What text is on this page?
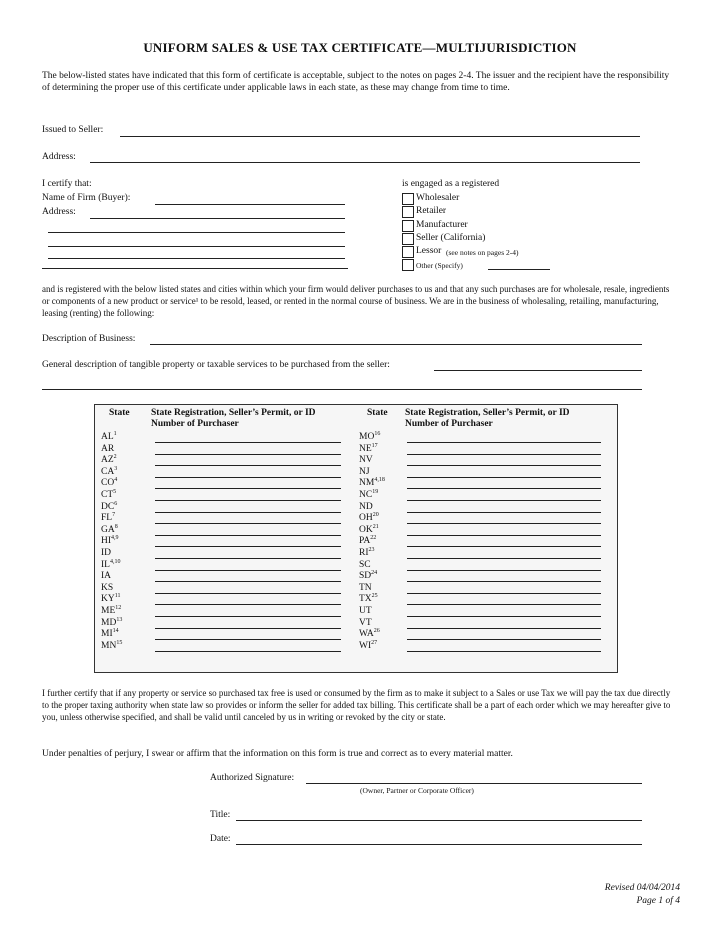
UNIFORM SALES & USE TAX CERTIFICATE—MULTIJURISDICTION
The below-listed states have indicated that this form of certificate is acceptable, subject to the notes on pages 2-4. The issuer and the recipient have the responsibility of determining the proper use of this certificate under applicable laws in each state, as these may change from time to time.
Issued to Seller:
Address:
I certify that:
Name of Firm (Buyer):
Address:
is engaged as a registered
Wholesaler
Retailer
Manufacturer
Seller (California)
Lessor (see notes on pages 2-4)
Other (Specify)
and is registered with the below listed states and cities within which your firm would deliver purchases to us and that any such purchases are for wholesale, resale, ingredients or components of a new product or service¹ to be resold, leased, or rented in the normal course of business. We are in the business of wholesaling, retailing, manufacturing, leasing (renting) the following:
Description of Business:
General description of tangible property or taxable services to be purchased from the seller:
State State Registration, Seller’s Permit, or ID
Number of Purchaser
State State Registration, Seller’s Permit, or ID
Number of Purchaser
$AL^1$
AR
$AZ^2$
$CA^3$
$CO^4$
$CT^5$
$DC^6$
$FL^7$
$GA^8$
HI$^{4,9}$
ID
IL$^{4,10}$
IA
KS
KY$^{11}$
ME$^{12}$
MD$^{13}$
MI$^{14}$
MN$^{15}$
MO$^{16}$
NE$^{17}$
NV
NJ
NM$^{4,18}$
NC$^{19}$
ND
OH$^{20}$
OK$^{21}$
PA$^{22}$
RI$^{23}$
SC
SD$^{24}$
TN
TX$^{25}$
UT
VT
WA$^{26}$
WI$^{27}$
I further certify that if any property or service so purchased tax free is used or consumed by the firm as to make it subject to a Sales or use Tax we will pay the tax due directly to the proper taxing authority when state law so provides or inform the seller for added tax billing. This certificate shall be a part of each order which we may hereafter give to you, unless otherwise specified, and shall be valid until canceled by us in writing or revoked by the city or state.
Under penalties of perjury, I swear or affirm that the information on this form is true and correct as to every material matter.
Authorized Signature:
(Owner, Partner or Corporate Officer)
Title:
Date:
Revised 04/04/2014
Page 1 of 4
